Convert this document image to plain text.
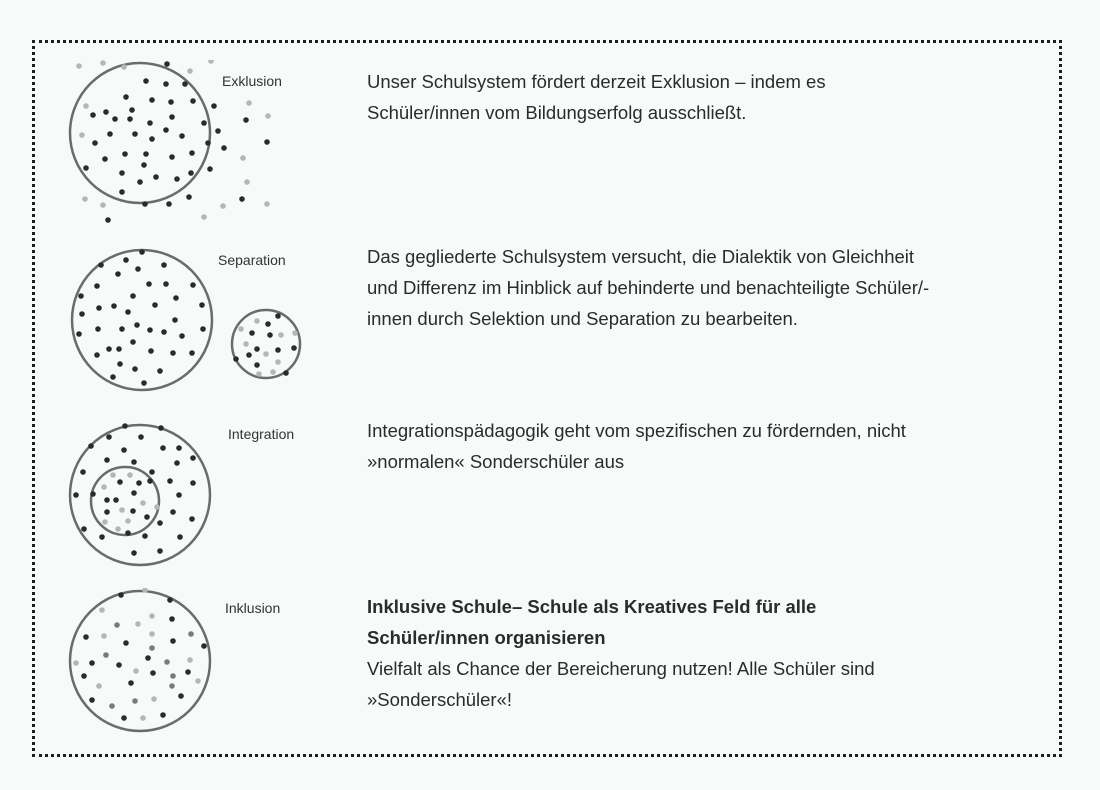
Exklusion	Unser Schulsystem fördert derzeit Exklusion – indem es
Schüler/innen vom Bildungserfolg ausschließt.
Separation	Das gegliederte Schulsystem versucht, die Dialektik von Gleichheit
und Differenz im Hinblick auf behinderte und benachteiligte Schüler/-
innen durch Selektion und Separation zu bearbeiten.
Integration	Integrationspädagogik geht vom spezifischen zu fördernden, nicht
»normalen« Sonderschüler aus
Inklusion	Inklusive Schule– Schule als Kreatives Feld für alle
Schüler/innen organisieren
Vielfalt als Chance der Bereicherung nutzen! Alle Schüler sind
»Sonderschüler«!
